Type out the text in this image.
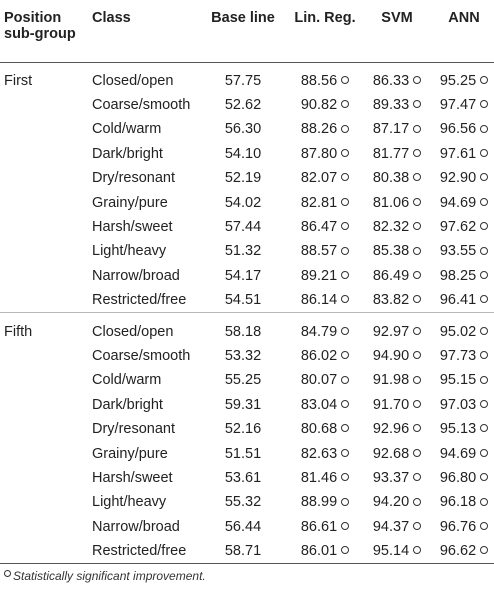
Position
sub-group	Class	Base line	Lin. Reg.	SVM	ANN
First	Closed/open	57.75	88.56	86.33	95.25
	Coarse/smooth	52.62	90.82	89.33	97.47
	Cold/warm	56.30	88.26	87.17	96.56
	Dark/bright	54.10	87.80	81.77	97.61
	Dry/resonant	52.19	82.07	80.38	92.90
	Grainy/pure	54.02	82.81	81.06	94.69
	Harsh/sweet	57.44	86.47	82.32	97.62
	Light/heavy	51.32	88.57	85.38	93.55
	Narrow/broad	54.17	89.21	86.49	98.25
	Restricted/free	54.51	86.14	83.82	96.41
Fifth	Closed/open	58.18	84.79	92.97	95.02
	Coarse/smooth	53.32	86.02	94.90	97.73
	Cold/warm	55.25	80.07	91.98	95.15
	Dark/bright	59.31	83.04	91.70	97.03
	Dry/resonant	52.16	80.68	92.96	95.13
	Grainy/pure	51.51	82.63	92.68	94.69
	Harsh/sweet	53.61	81.46	93.37	96.80
	Light/heavy	55.32	88.99	94.20	96.18
	Narrow/broad	56.44	86.61	94.37	96.76
	Restricted/free	58.71	86.01	95.14	96.62
Statistically significant improvement.
